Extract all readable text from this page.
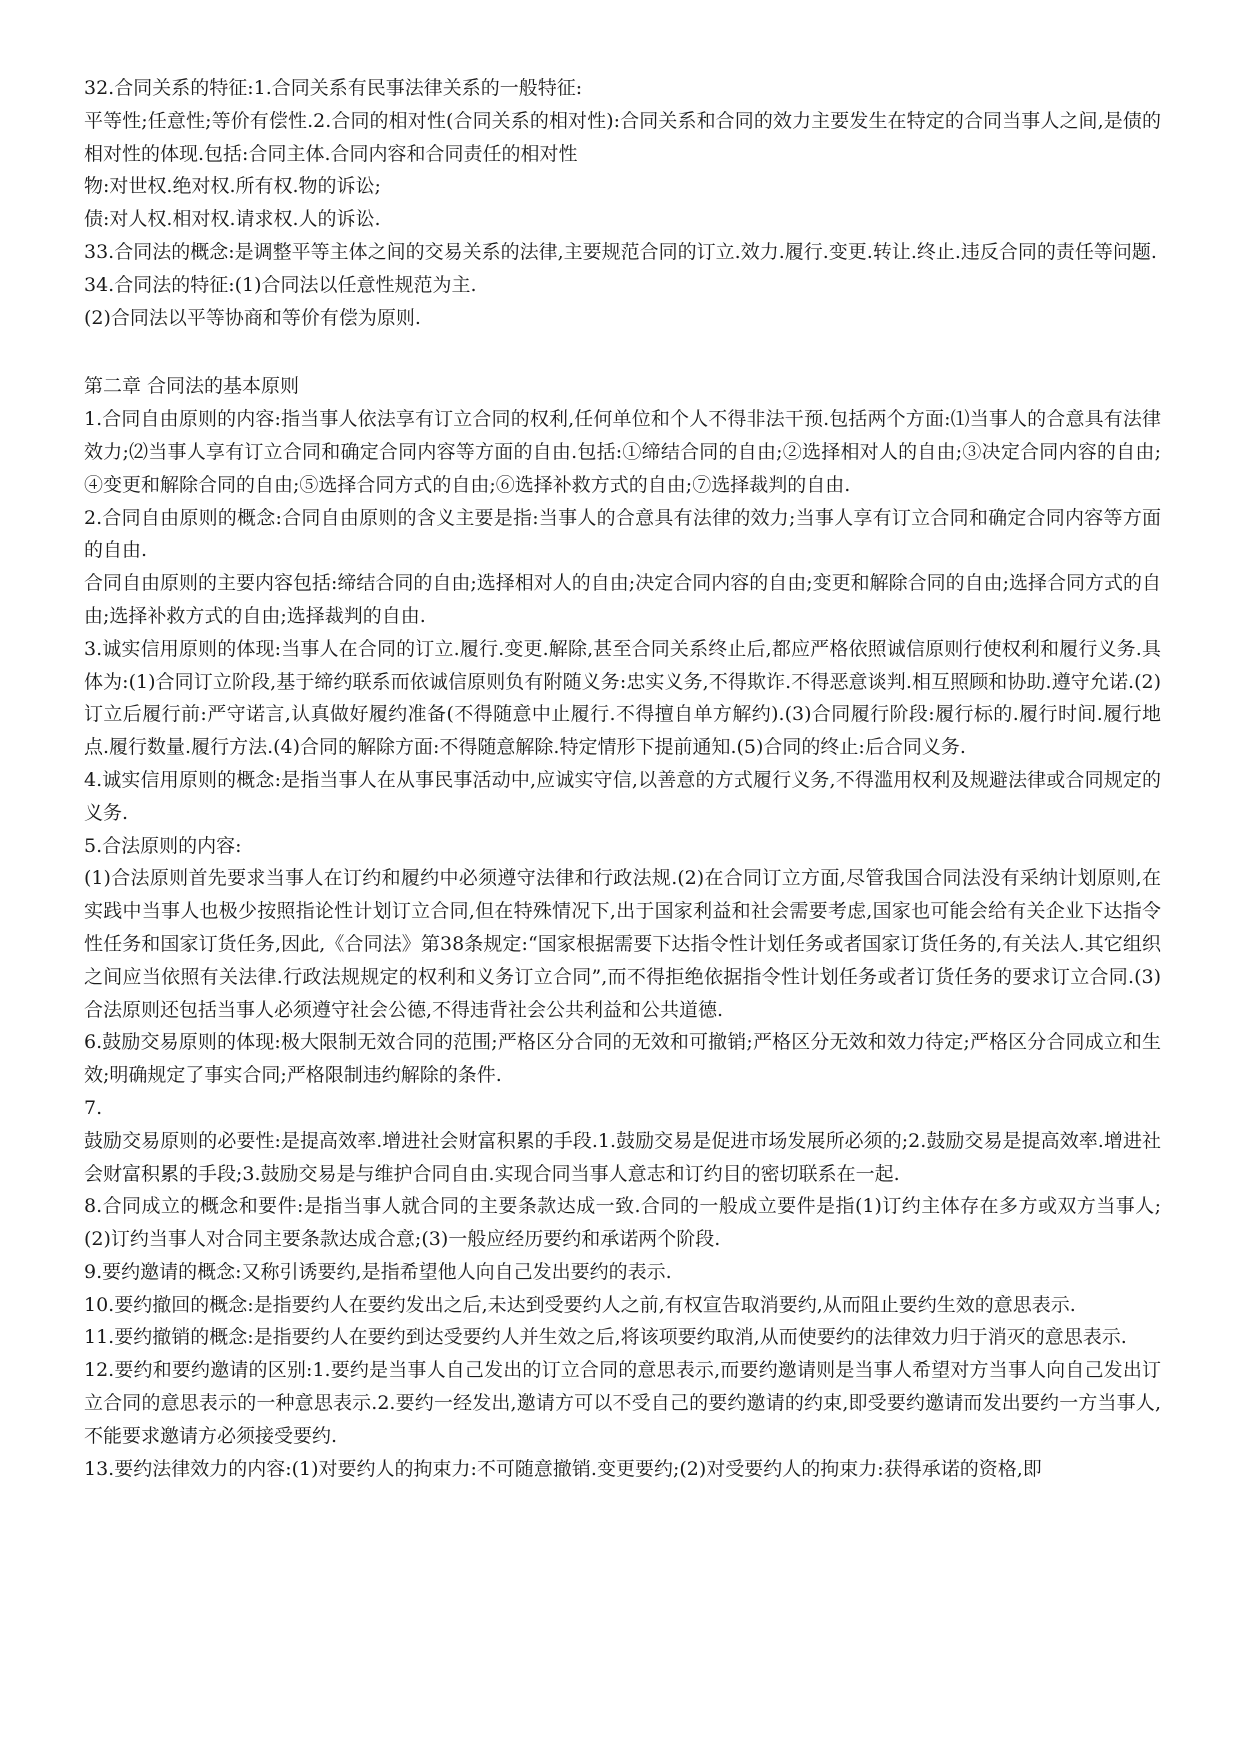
32.合同关系的特征:1.合同关系有民事法律关系的一般特征:

平等性;任意性;等价有偿性.2.合同的相对性(合同关系的相对性):合同关系和合同的效力主要发生在特定的合同当事人之间,是债的相对性的体现.包括:合同主体.合同内容和合同责任的相对性

物:对世权.绝对权.所有权.物的诉讼;

债:对人权.相对权.请求权.人的诉讼.

33.合同法的概念:是调整平等主体之间的交易关系的法律,主要规范合同的订立.效力.履行.变更.转让.终止.违反合同的责任等问题.

34.合同法的特征:(1)合同法以任意性规范为主.

(2)合同法以平等协商和等价有偿为原则.

第二章 合同法的基本原则

1.合同自由原则的内容:指当事人依法享有订立合同的权利,任何单位和个人不得非法干预.包括两个方面:⑴当事人的合意具有法律效力;⑵当事人享有订立合同和确定合同内容等方面的自由.包括:①缔结合同的自由;②选择相对人的自由;③决定合同内容的自由;④变更和解除合同的自由;⑤选择合同方式的自由;⑥选择补救方式的自由;⑦选择裁判的自由.

2.合同自由原则的概念:合同自由原则的含义主要是指:当事人的合意具有法律的效力;当事人享有订立合同和确定合同内容等方面的自由.

合同自由原则的主要内容包括:缔结合同的自由;选择相对人的自由;决定合同内容的自由;变更和解除合同的自由;选择合同方式的自由;选择补救方式的自由;选择裁判的自由.

3.诚实信用原则的体现:当事人在合同的订立.履行.变更.解除,甚至合同关系终止后,都应严格依照诚信原则行使权利和履行义务.具体为:(1)合同订立阶段,基于缔约联系而依诚信原则负有附随义务:忠实义务,不得欺诈.不得恶意谈判.相互照顾和协助.遵守允诺.(2)订立后履行前:严守诺言,认真做好履约准备(不得随意中止履行.不得擅自单方解约).(3)合同履行阶段:履行标的.履行时间.履行地点.履行数量.履行方法.(4)合同的解除方面:不得随意解除.特定情形下提前通知.(5)合同的终止:后合同义务.

4.诚实信用原则的概念:是指当事人在从事民事活动中,应诚实守信,以善意的方式履行义务,不得滥用权利及规避法律或合同规定的义务.

5.合法原则的内容:

(1)合法原则首先要求当事人在订约和履约中必须遵守法律和行政法规.(2)在合同订立方面,尽管我国合同法没有采纳计划原则,在实践中当事人也极少按照指论性计划订立合同,但在特殊情况下,出于国家利益和社会需要考虑,国家也可能会给有关企业下达指令性任务和国家订货任务,因此,《合同法》第38条规定:“国家根据需要下达指令性计划任务或者国家订货任务的,有关法人.其它组织之间应当依照有关法律.行政法规规定的权利和义务订立合同”,而不得拒绝依据指令性计划任务或者订货任务的要求订立合同.(3)合法原则还包括当事人必须遵守社会公德,不得违背社会公共利益和公共道德.

6.鼓励交易原则的体现:极大限制无效合同的范围;严格区分合同的无效和可撤销;严格区分无效和效力待定;严格区分合同成立和生效;明确规定了事实合同;严格限制违约解除的条件.

7.

鼓励交易原则的必要性:是提高效率.增进社会财富积累的手段.1.鼓励交易是促进市场发展所必须的;2.鼓励交易是提高效率.增进社会财富积累的手段;3.鼓励交易是与维护合同自由.实现合同当事人意志和订约目的密切联系在一起.

8.合同成立的概念和要件:是指当事人就合同的主要条款达成一致.合同的一般成立要件是指(1)订约主体存在多方或双方当事人;(2)订约当事人对合同主要条款达成合意;(3)一般应经历要约和承诺两个阶段.

9.要约邀请的概念:又称引诱要约,是指希望他人向自己发出要约的表示.

10.要约撤回的概念:是指要约人在要约发出之后,未达到受要约人之前,有权宣告取消要约,从而阻止要约生效的意思表示.

11.要约撤销的概念:是指要约人在要约到达受要约人并生效之后,将该项要约取消,从而使要约的法律效力归于消灭的意思表示.

12.要约和要约邀请的区别:1.要约是当事人自己发出的订立合同的意思表示,而要约邀请则是当事人希望对方当事人向自己发出订立合同的意思表示的一种意思表示.2.要约一经发出,邀请方可以不受自己的要约邀请的约束,即受要约邀请而发出要约一方当事人,不能要求邀请方必须接受要约.

13.要约法律效力的内容:(1)对要约人的拘束力:不可随意撤销.变更要约;(2)对受要约人的拘束力:获得承诺的资格,即
